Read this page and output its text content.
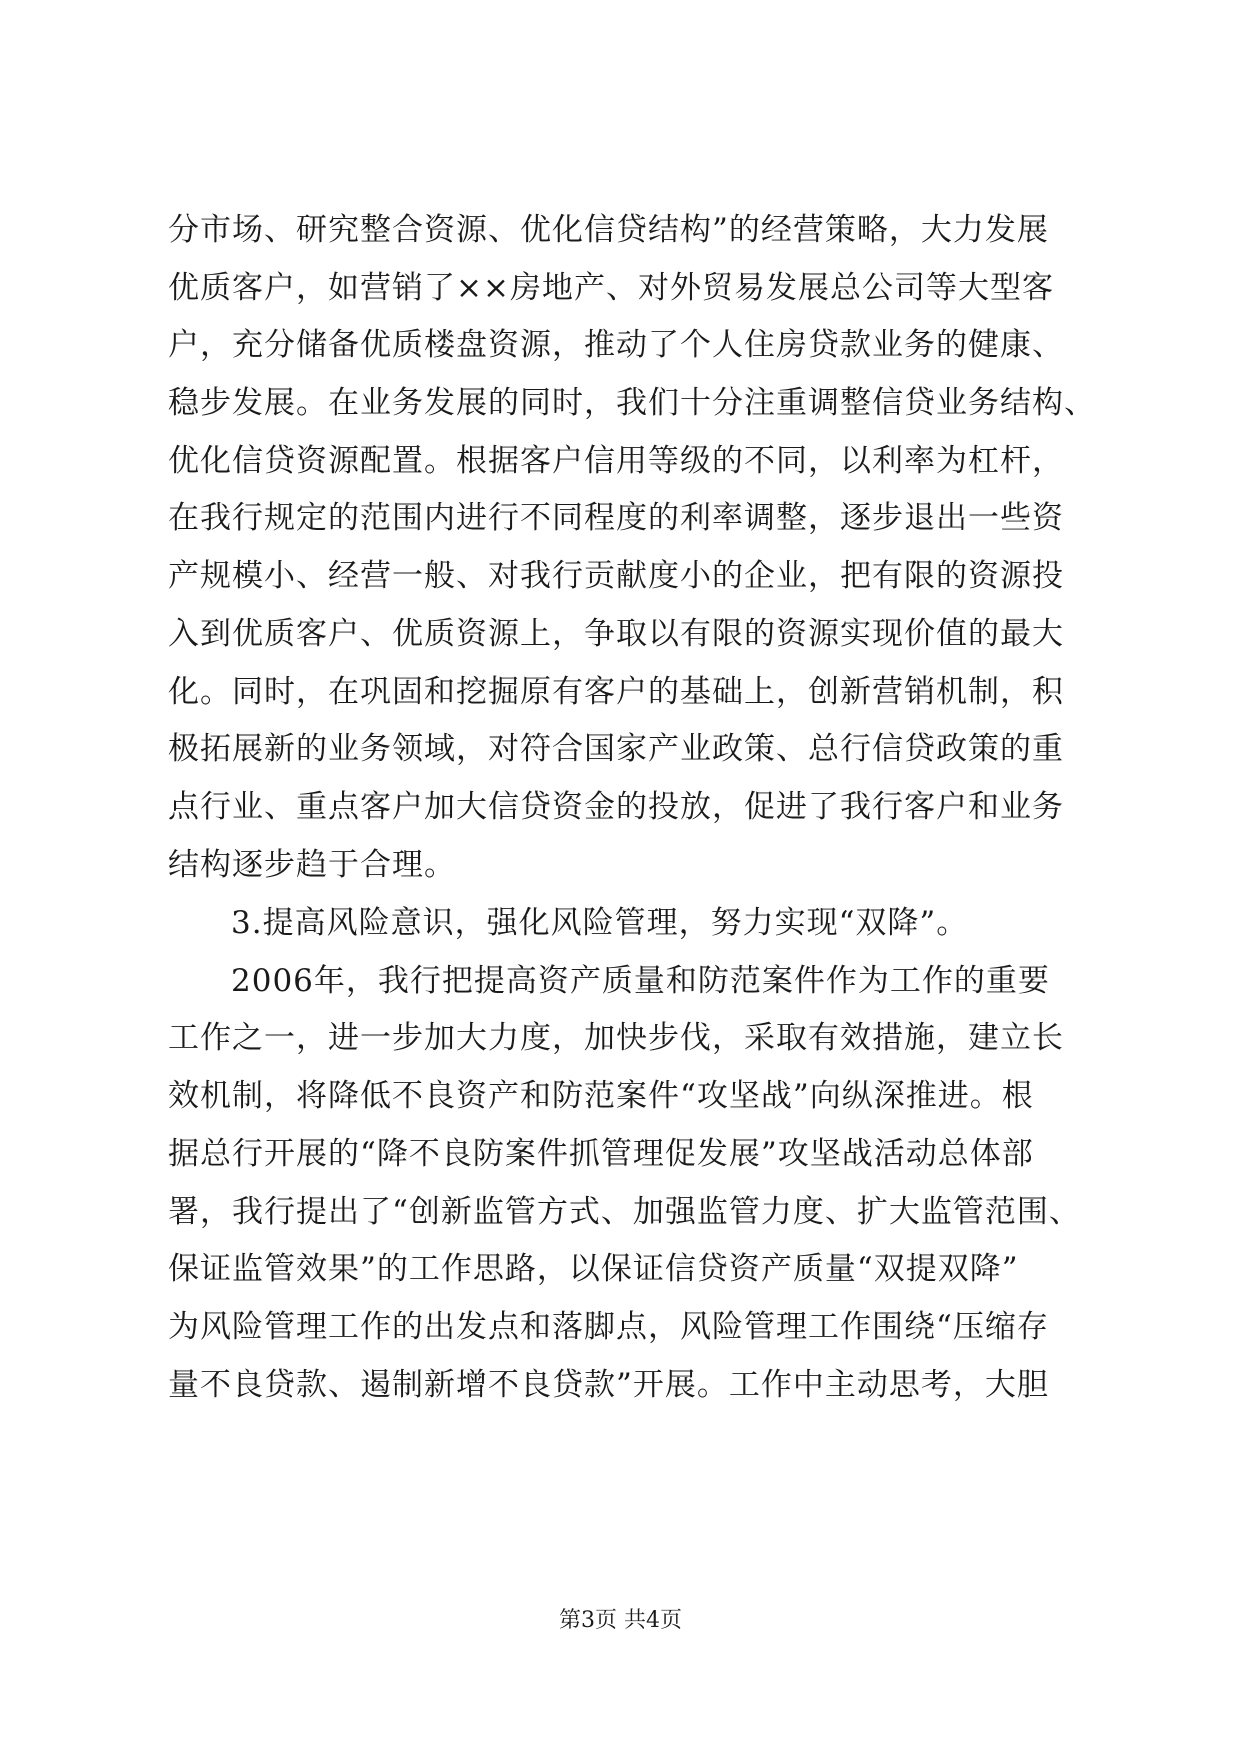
分市场、研究整合资源、优化信贷结构”的经营策略，大力发展
优质客户，如营销了××房地产、对外贸易发展总公司等大型客
户，充分储备优质楼盘资源，推动了个人住房贷款业务的健康、
稳步发展。在业务发展的同时，我们十分注重调整信贷业务结构、
优化信贷资源配置。根据客户信用等级的不同，以利率为杠杆，
在我行规定的范围内进行不同程度的利率调整，逐步退出一些资
产规模小、经营一般、对我行贡献度小的企业，把有限的资源投
入到优质客户、优质资源上，争取以有限的资源实现价值的最大
化。同时，在巩固和挖掘原有客户的基础上，创新营销机制，积
极拓展新的业务领域，对符合国家产业政策、总行信贷政策的重
点行业、重点客户加大信贷资金的投放，促进了我行客户和业务
结构逐步趋于合理。
3.提高风险意识，强化风险管理，努力实现“双降”。
2006年，我行把提高资产质量和防范案件作为工作的重要
工作之一，进一步加大力度，加快步伐，采取有效措施，建立长
效机制，将降低不良资产和防范案件“攻坚战”向纵深推进。根
据总行开展的“降不良防案件抓管理促发展”攻坚战活动总体部
署，我行提出了“创新监管方式、加强监管力度、扩大监管范围、
保证监管效果”的工作思路，以保证信贷资产质量“双提双降”
为风险管理工作的出发点和落脚点，风险管理工作围绕“压缩存
量不良贷款、遏制新增不良贷款”开展。工作中主动思考，大胆
第3页 共4页
